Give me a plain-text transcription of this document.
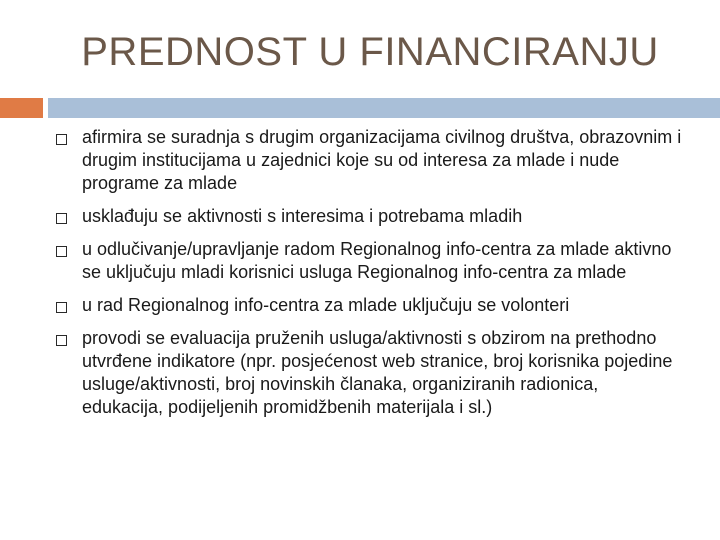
PREDNOST U FINANCIRANJU
afirmira se suradnja s drugim organizacijama civilnog društva, obrazovnim i drugim institucijama u zajednici koje su od interesa za mlade i nude programe za mlade
usklađuju se aktivnosti s interesima i potrebama mladih
u odlučivanje/upravljanje radom Regionalnog info-centra za mlade aktivno se uključuju mladi korisnici usluga Regionalnog info-centra za mlade
u rad Regionalnog info-centra za mlade uključuju se volonteri
provodi se evaluacija pruženih usluga/aktivnosti s obzirom na prethodno utvrđene indikatore (npr. posjećenost web stranice, broj korisnika pojedine usluge/aktivnosti, broj novinskih članaka, organiziranih radionica, edukacija, podijeljenih promidžbenih materijala i sl.)
